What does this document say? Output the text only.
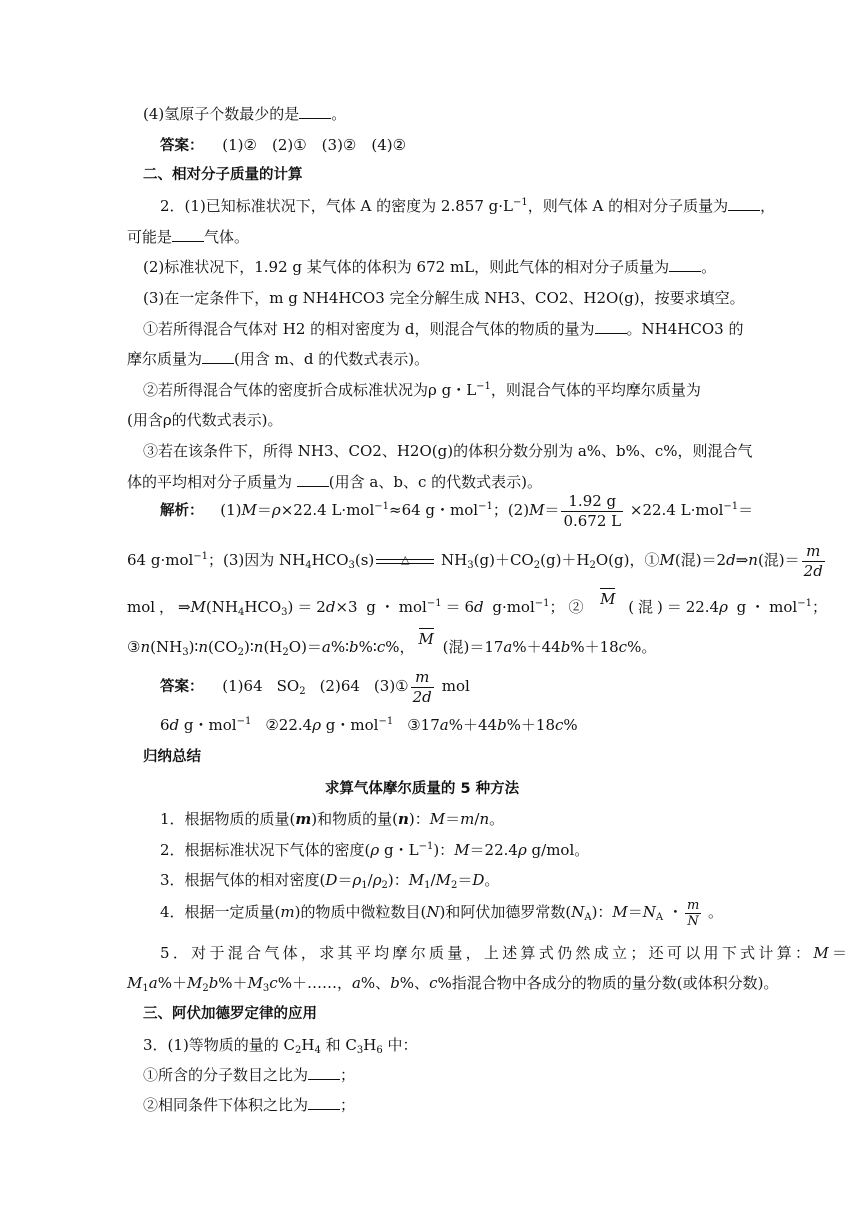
(4)氢原子个数最少的是 。
答案： (1)②　(2)①　(3)②　(4)②
二、相对分子质量的计算
2．(1)已知标准状况下，气体 A 的密度为 2.857 $g\cdot L^{-1}$，则气体 A 的相对分子质量为 ，
可能是 气体。
(2)标准状况下，1.92 g 某气体的体积为 672 mL，则此气体的相对分子质量为 。
(3)在一定条件下，m g NH4HCO3 完全分解生成 NH3、CO2、H2O(g)，按要求填空。
①若所得混合气体对 H2 的相对密度为 d，则混合气体的物质的量为 。NH4HCO3 的
摩尔质量为 (用含 m、d 的代数式表示)。
②若所得混合气体的密度折合成标准状况为ρ g・$L^{-1}$，则混合气体的平均摩尔质量为
(用含ρ的代数式表示)。
③若在该条件下，所得 NH3、CO2、H2O(g)的体积分数分别为 a%、b%、c%，则混合气
体的平均相对分子质量为 (用含 a、b、c 的代数式表示)。
解析： (1)M＝ρ×22.4 L·mol$^{-1}$≈64 g・mol$^{-1}$；$(2)M= \frac{1.92 g}{0.672 L} \times 22.4$ L·mol$^{-1}$＝
64 g·mol$^{-1}$；(3)因为 $NH_4HCO_3(s)$	△	$NH_3(g)+CO_2(g)+H_2O(g)$，①M(混)＝2d⇒n(混)＝ $\frac{m}{2d}$
mol，$\Rightarrow M(NH_4HCO_3)=2d\times 3$ g・mol$^{-1}$＝6d g·mol$^{-1}$；② M (混)＝22.4ρ g・mol$^{-1}$；
$③n(NH_3)∶n(CO_2)∶n(H_2O)=a\%∶b\%∶c\%$， M (混)＝17a%＋44b%＋18c%。
答案： (1)64 $SO_2$ (2)64 (3)① $\frac{m}{2d}$ mol
6d g・mol$^{-1}$ ②22.4ρ g・mol$^{-1}$ ③17a%＋44b%＋18c%
归纳总结
求算气体摩尔质量的 5 种方法
1．根据物质的质量(m)和物质的量(n)：M＝m/n。
2．根据标准状况下气体的密度(ρ g・$L^{-1}$)：M＝22.4ρ g/mol。
3．根据气体的相对密度$(D=\rho_1/\rho_2)$：$M_1/M_2=D$。
4．根据一定质量(m)的物质中微粒数目(N)和阿伏加德罗常数$(N_A)$：$M=N_A$ ・ $\frac{m}{N}$ 。
5．对于混合气体，求其平均摩尔质量，上述算式仍然成立；还可以用下式计算：M＝
$M_1a\%+M_2b\%+M_3c\%+\dots\dots$，a%、b%、c%指混合物中各成分的物质的量分数(或体积分数)。
三、阿伏加德罗定律的应用
3．(1)等物质的量的 $C_2H_4$ 和 $C_3H_6$ 中：
①所含的分子数目之比为 ；
②相同条件下体积之比为 ；
